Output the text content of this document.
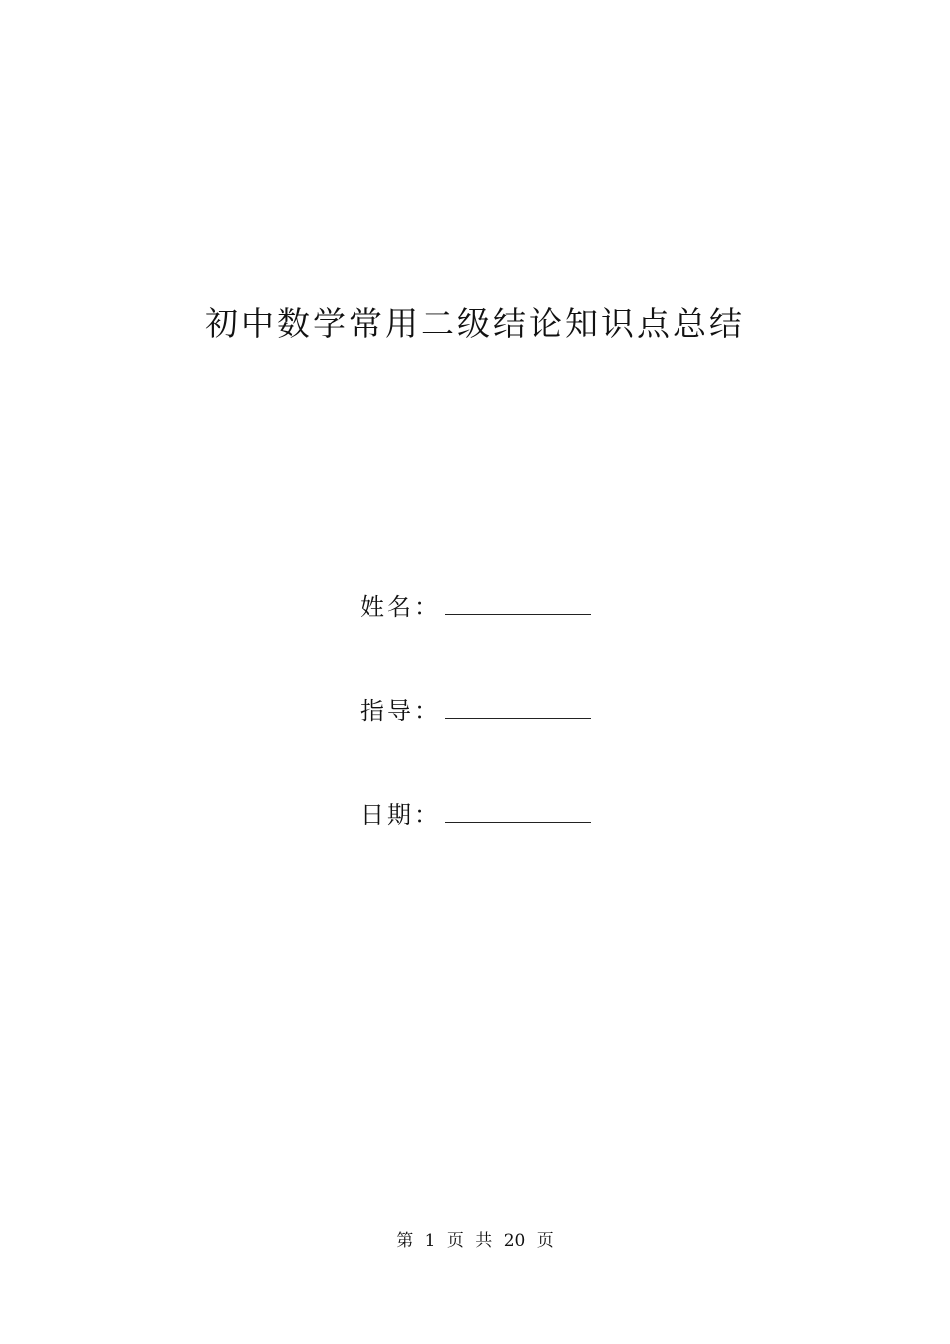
初中数学常用二级结论知识点总结
姓名：
指导：
日期：
第 1 页 共 20 页
